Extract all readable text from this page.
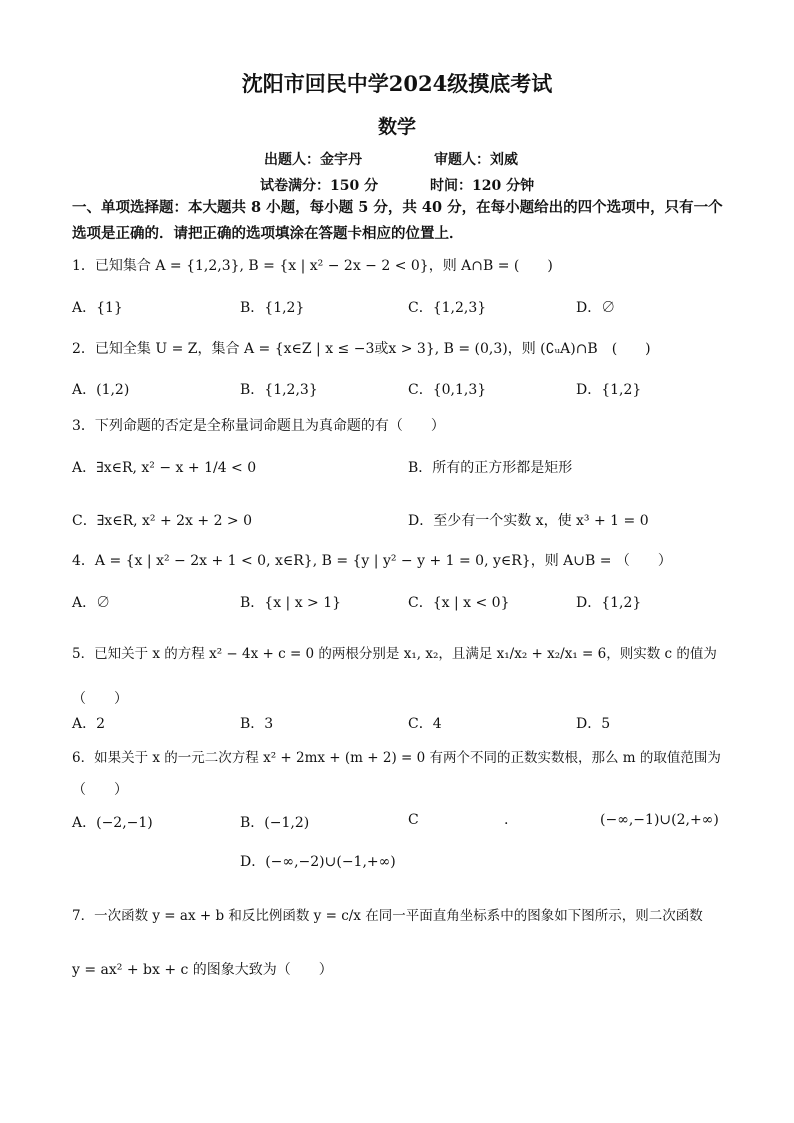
沈阳市回民中学2024级摸底考试
数学
出题人：金宇丹	审题人：刘威
试卷满分：150 分	时间：120 分钟
一、单项选择题：本大题共 8 小题，每小题 5 分，共 40 分，在每小题给出的四个选项中，只有一个选项是正确的．请把正确的选项填涂在答题卡相应的位置上．
1．已知集合 A = {1,2,3}, B = {x | x² − 2x − 2 < 0}，则 A∩B = (　　)
A．{1}	B．{1,2}	C．{1,2,3}	D．∅
2．已知全集 U = Z，集合 A = {x∈Z | x ≤ −3或x > 3}, B = (0,3)，则 (∁ᵤA)∩B　(　　)
A．(1,2)	B．{1,2,3}	C．{0,1,3}	D．{1,2}
3．下列命题的否定是全称量词命题且为真命题的有（　　）
A．∃x∈R, x² − x + 1/4 < 0	B．所有的正方形都是矩形
C．∃x∈R, x² + 2x + 2 > 0	D．至少有一个实数 x，使 x³ + 1 = 0
4．A = {x | x² − 2x + 1 < 0, x∈R}, B = {y | y² − y + 1 = 0, y∈R}，则 A∪B = （　　）
A．∅	B．{x | x > 1}	C．{x | x < 0}	D．{1,2}
5．已知关于 x 的方程 x² − 4x + c = 0 的两根分别是 x₁, x₂，且满足 x₁/x₂ + x₂/x₁ = 6，则实数 c 的值为
（　　）
A．2	B．3	C．4	D．5
6．如果关于 x 的一元二次方程 x² + 2mx + (m + 2) = 0 有两个不同的正数实数根，那么 m 的取值范围为
（　　）
A．(−2,−1)	B．(−1,2)	C	.	(−∞,−1)∪(2,+∞)
D．(−∞,−2)∪(−1,+∞)
7．一次函数 y = ax + b 和反比例函数 y = c/x 在同一平面直角坐标系中的图象如下图所示，则二次函数
y = ax² + bx + c 的图象大致为（　　）
